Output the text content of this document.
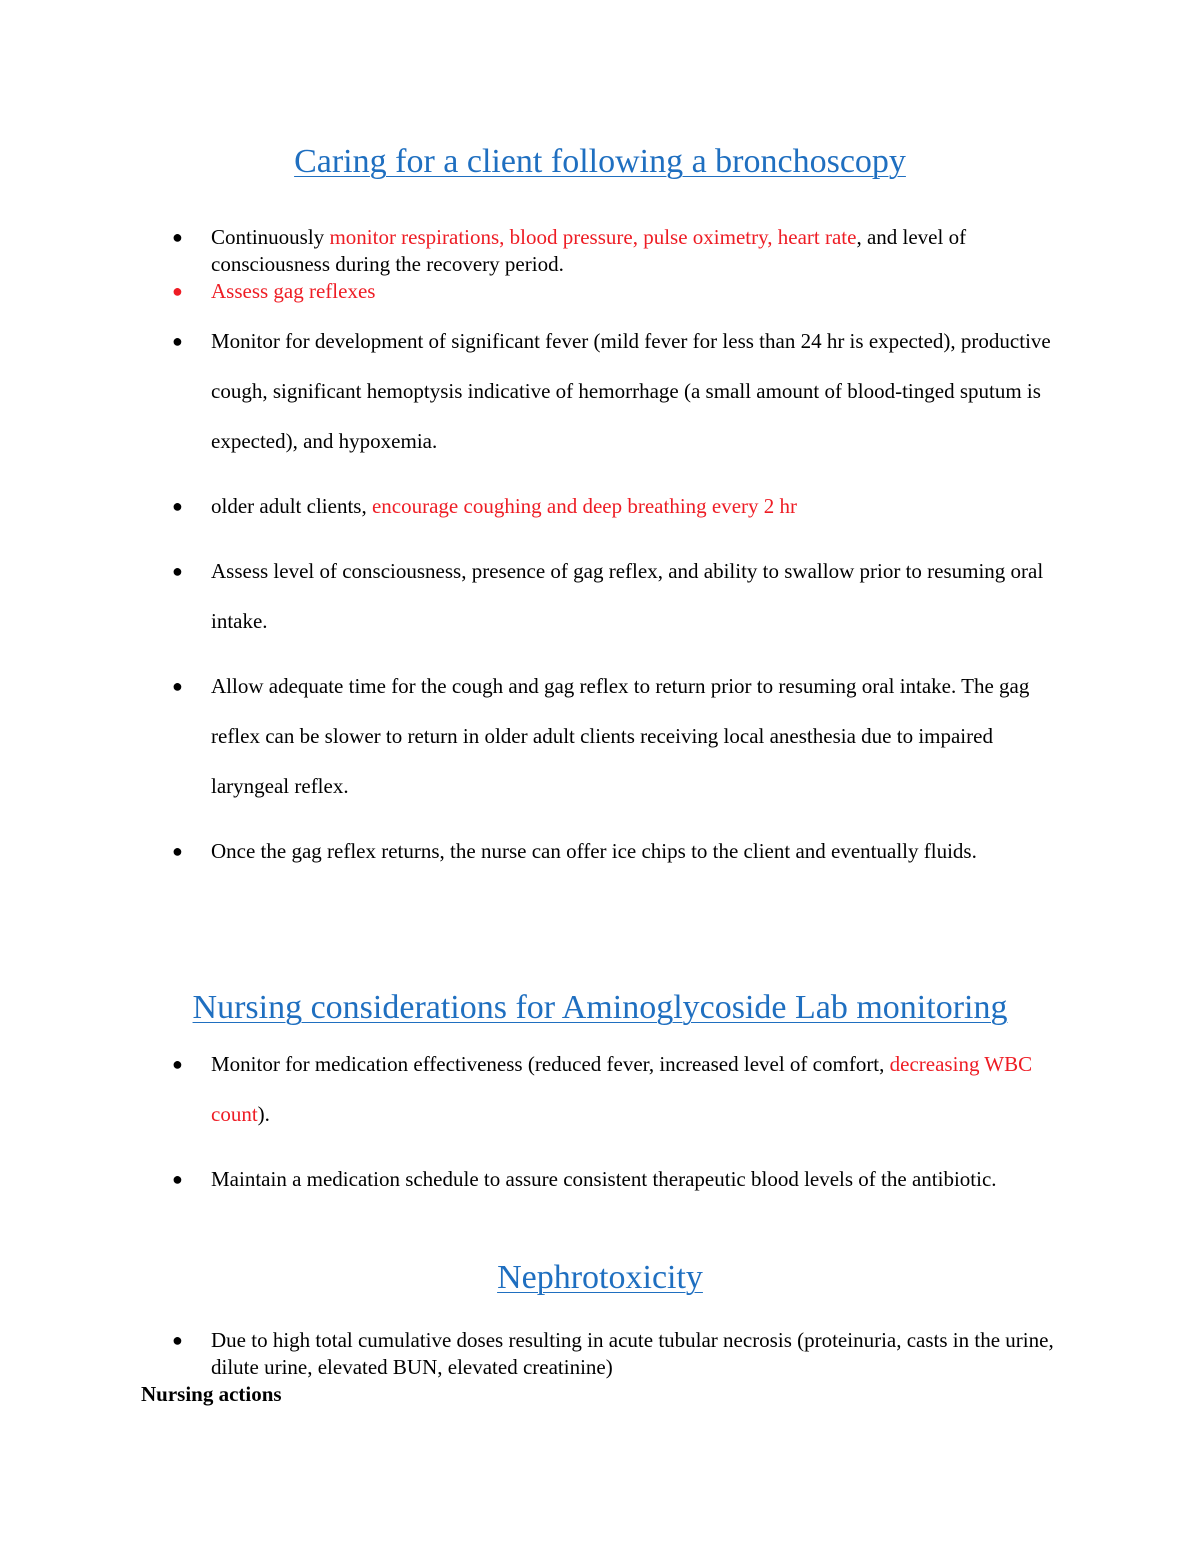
Caring for a client following a bronchoscopy
● Continuously monitor respirations, blood pressure, pulse oximetry, heart rate, and level of consciousness during the recovery period.
● Assess gag reflexes
● Monitor for development of significant fever (mild fever for less than 24 hr is expected), productive cough, significant hemoptysis indicative of hemorrhage (a small amount of blood-tinged sputum is expected), and hypoxemia.
● older adult clients, encourage coughing and deep breathing every 2 hr
● Assess level of consciousness, presence of gag reflex, and ability to swallow prior to resuming oral intake.
● Allow adequate time for the cough and gag reflex to return prior to resuming oral intake. The gag reflex can be slower to return in older adult clients receiving local anesthesia due to impaired laryngeal reflex.
● Once the gag reflex returns, the nurse can offer ice chips to the client and eventually fluids.
Nursing considerations for Aminoglycoside Lab monitoring
● Monitor for medication effectiveness (reduced fever, increased level of comfort, decreasing WBC count).
● Maintain a medication schedule to assure consistent therapeutic blood levels of the antibiotic.
Nephrotoxicity
● Due to high total cumulative doses resulting in acute tubular necrosis (proteinuria, casts in the urine, dilute urine, elevated BUN, elevated creatinine)

Nursing actions
